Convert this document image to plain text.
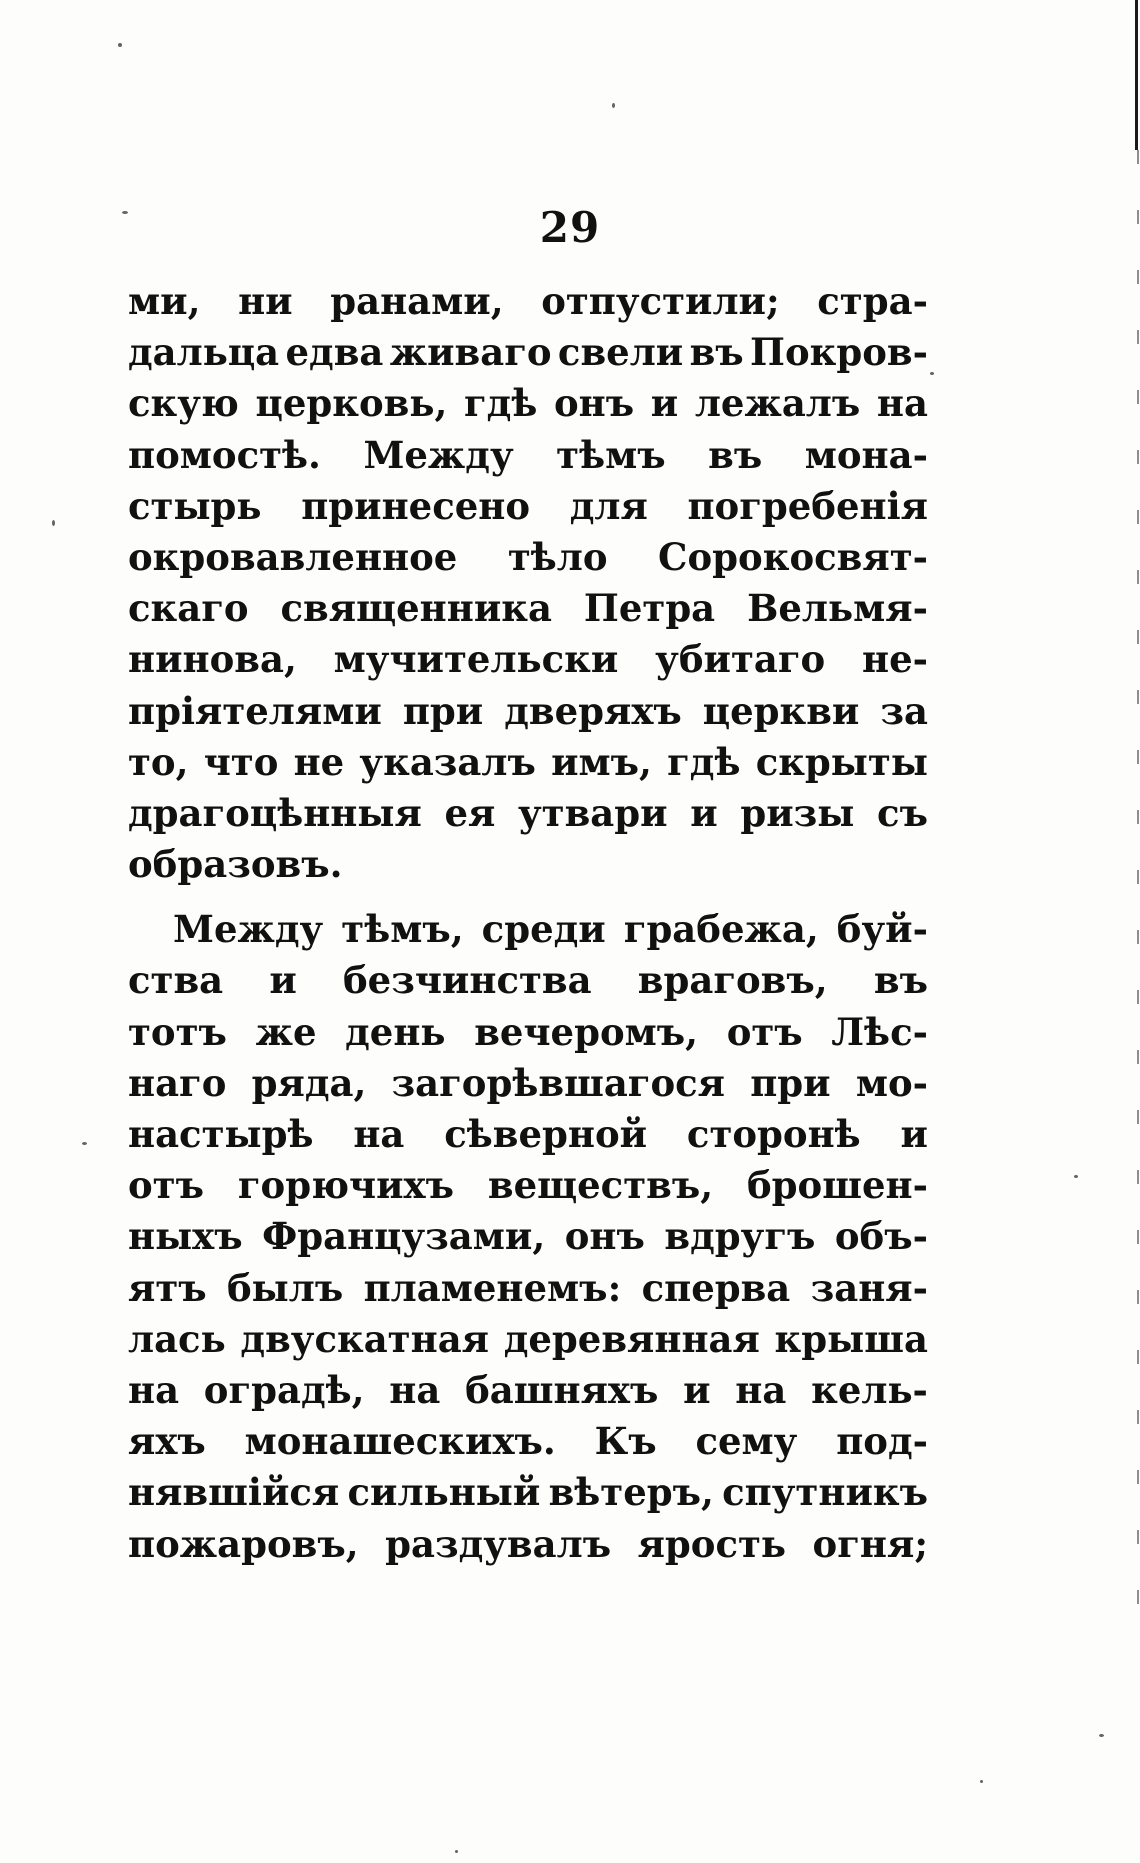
29
ми, ни ранами, отпустили; стра-
дальца едва живаго свели въ Покров-
скую церковь, гдѣ онъ и лежалъ на
помостѣ. Между тѣмъ въ мона-
стырь принесено для погребенія
окровавленное тѣло Сорокосвят-
скаго священника Петра Вельмя-
нинова, мучительски убитаго не-
пріятелями при дверяхъ церкви за
то, что не указалъ имъ, гдѣ скрыты
драгоцѣнныя ея утвари и ризы съ
образовъ.
Между тѣмъ, среди грабежа, буй-
ства и безчинства враговъ, въ
тотъ же день вечеромъ, отъ Лѣс-
наго ряда, загорѣвшагося при мо-
настырѣ на сѣверной сторонѣ и
отъ горючихъ веществъ, брошен-
ныхъ Французами, онъ вдругъ объ-
ятъ былъ пламенемъ: сперва заня-
лась двускатная деревянная крыша
на оградѣ, на башняхъ и на кель-
яхъ монашескихъ. Къ сему под-
нявшійся сильный вѣтеръ, спутникъ
пожаровъ, раздувалъ ярость огня;
